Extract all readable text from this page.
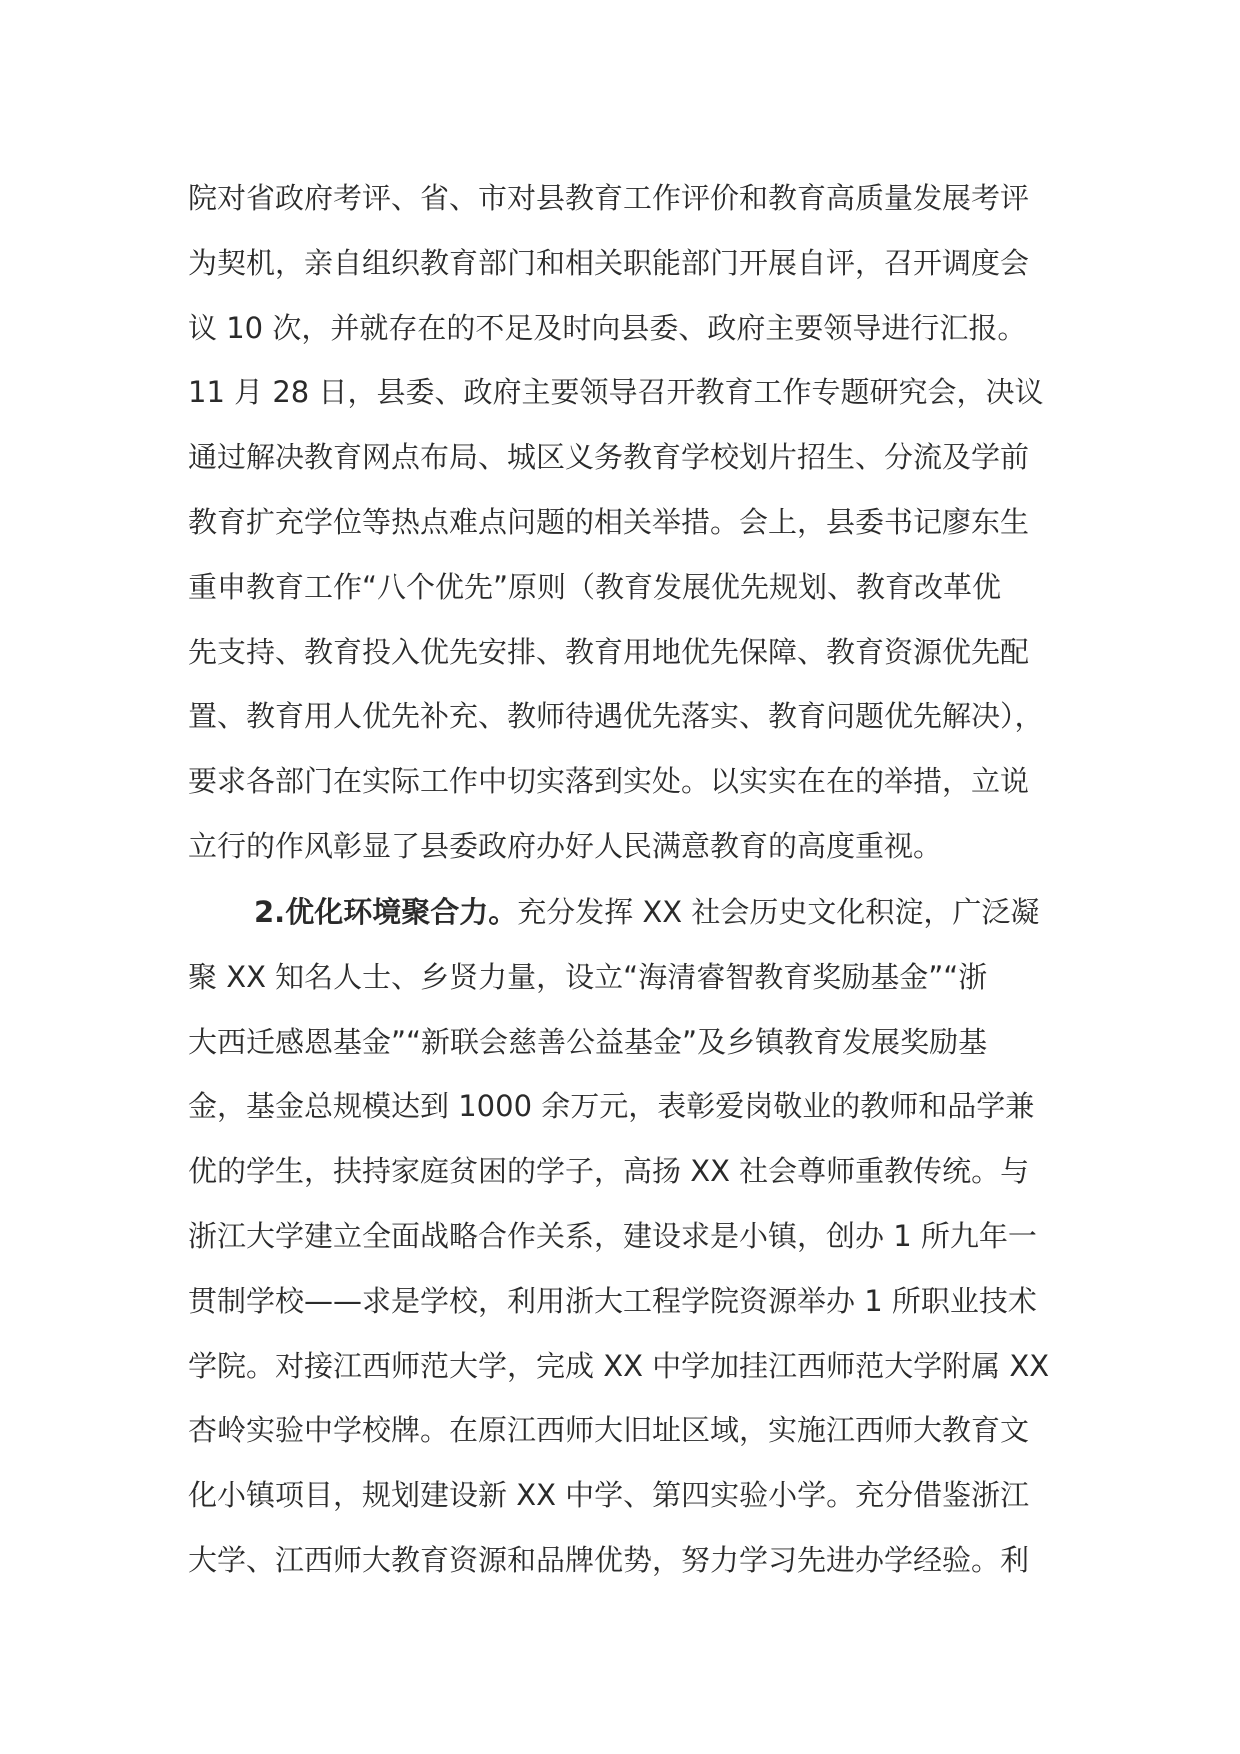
院对省政府考评、省、市对县教育工作评价和教育高质量发展考评
为契机，亲自组织教育部门和相关职能部门开展自评，召开调度会
议 10 次，并就存在的不足及时向县委、政府主要领导进行汇报。
11 月 28 日，县委、政府主要领导召开教育工作专题研究会，决议
通过解决教育网点布局、城区义务教育学校划片招生、分流及学前
教育扩充学位等热点难点问题的相关举措。会上，县委书记廖东生
重申教育工作“八个优先”原则（教育发展优先规划、教育改革优
先支持、教育投入优先安排、教育用地优先保障、教育资源优先配
置、教育用人优先补充、教师待遇优先落实、教育问题优先解决），
要求各部门在实际工作中切实落到实处。以实实在在的举措，立说
立行的作风彰显了县委政府办好人民满意教育的高度重视。
2.优化环境聚合力。充分发挥 XX 社会历史文化积淀，广泛凝
聚 XX 知名人士、乡贤力量，设立“海清睿智教育奖励基金”“浙
大西迁感恩基金”“新联会慈善公益基金”及乡镇教育发展奖励基
金，基金总规模达到 1000 余万元，表彰爱岗敬业的教师和品学兼
优的学生，扶持家庭贫困的学子，高扬 XX 社会尊师重教传统。与
浙江大学建立全面战略合作关系，建设求是小镇，创办 1 所九年一
贯制学校——求是学校，利用浙大工程学院资源举办 1 所职业技术
学院。对接江西师范大学，完成 XX 中学加挂江西师范大学附属 XX
杏岭实验中学校牌。在原江西师大旧址区域，实施江西师大教育文
化小镇项目，规划建设新 XX 中学、第四实验小学。充分借鉴浙江
大学、江西师大教育资源和品牌优势，努力学习先进办学经验。利
